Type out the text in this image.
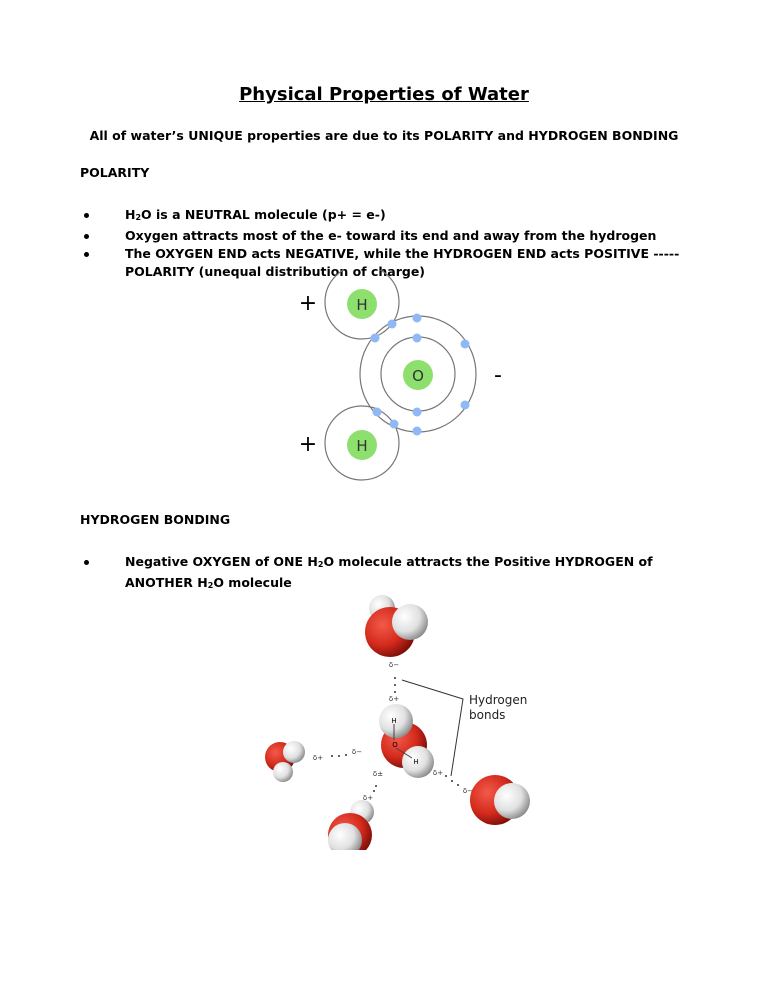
Physical Properties of Water
All of water’s UNIQUE properties are due to its POLARITY and HYDROGEN BONDING
POLARITY
$H_2O$ is a NEUTRAL molecule (p+ = e-)
Oxygen attracts most of the e- toward its end and away from the hydrogen
The OXYGEN END acts NEGATIVE, while the HYDROGEN END acts POSITIVE ----- POLARITY (unequal distribution of charge)
H
H
O
+
+
-
HYDROGEN BONDING
Negative OXYGEN of ONE $H_2O$ molecule attracts the Positive HYDROGEN of ANOTHER $H_2O$ molecule
H
O
H
δ−
δ+
δ+
δ−
δ±
δ+
δ+
δ−
Hydrogen
bonds
